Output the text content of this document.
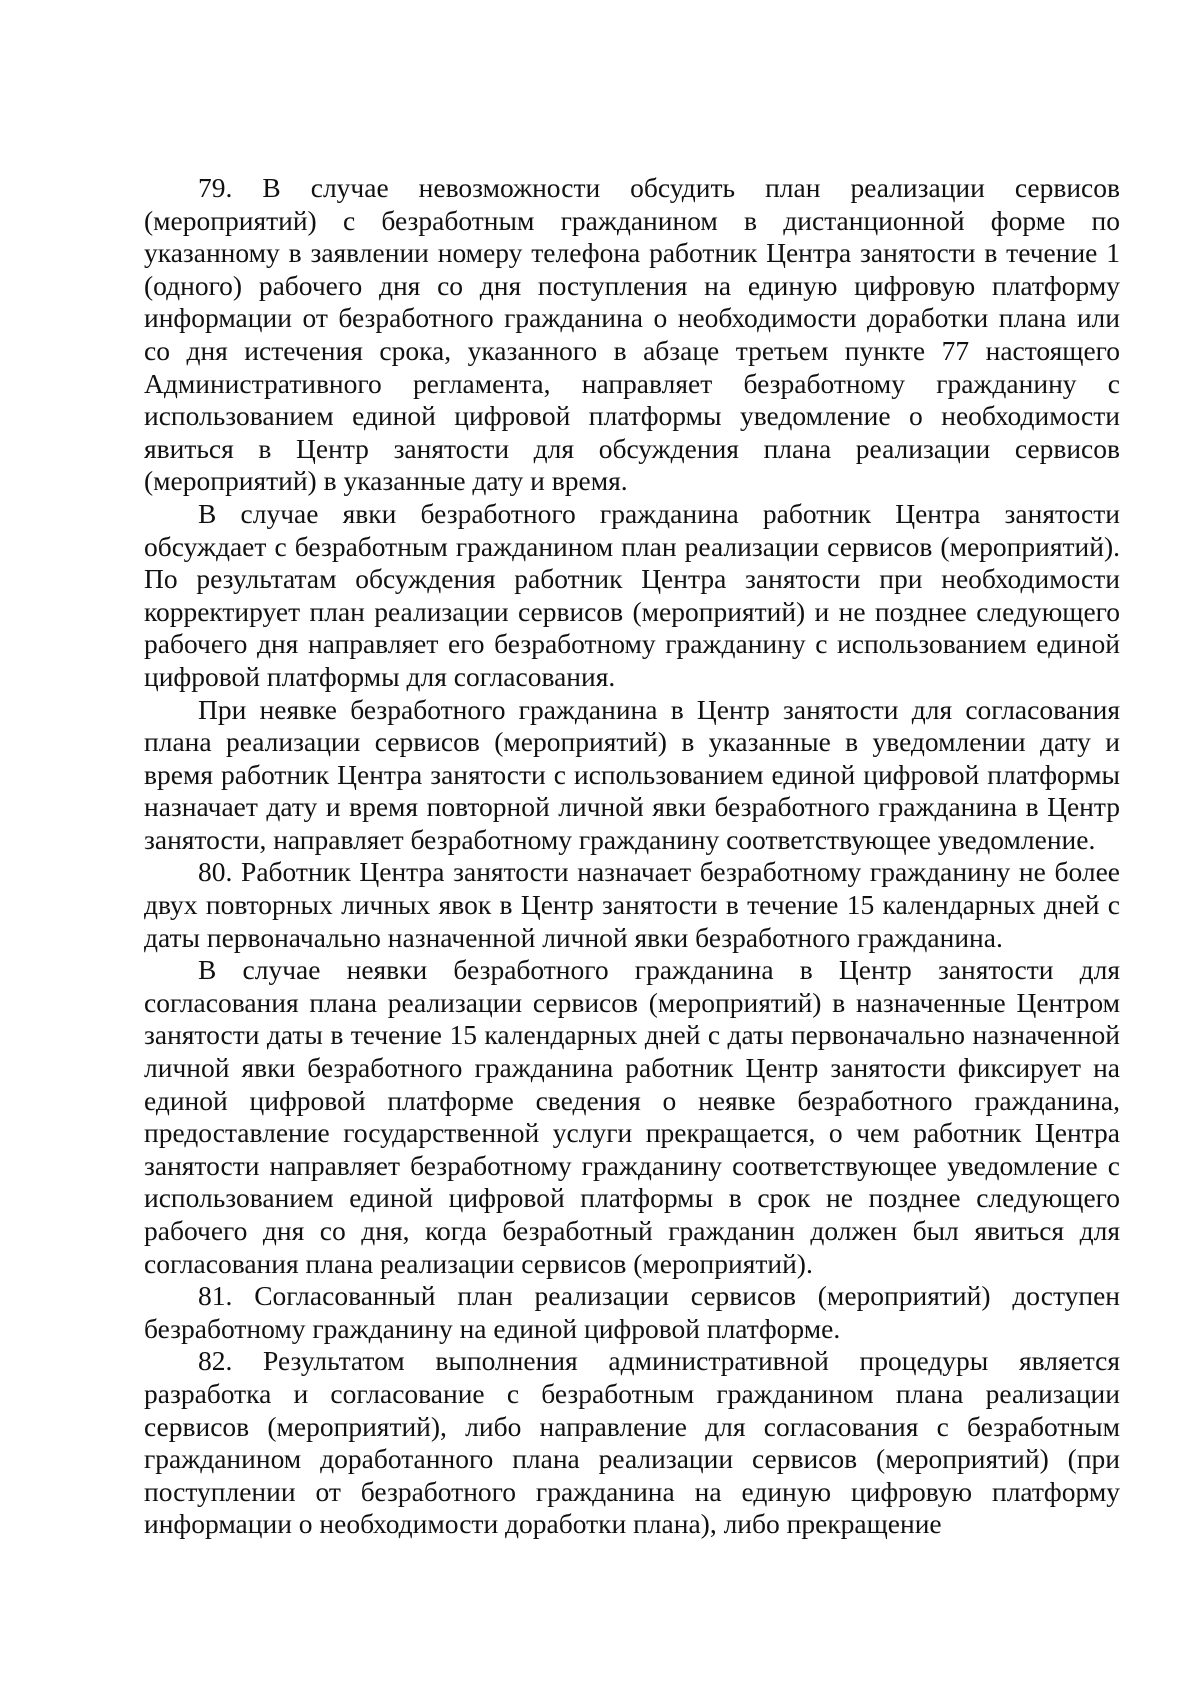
79. В случае невозможности обсудить план реализации сервисов (мероприятий) с безработным гражданином в дистанционной форме по указанному в заявлении номеру телефона работник Центра занятости в течение 1 (одного) рабочего дня со дня поступления на единую цифровую платформу информации от безработного гражданина о необходимости доработки плана или со дня истечения срока, указанного в абзаце третьем пункте 77 настоящего Административного регламента, направляет безработному гражданину с использованием единой цифровой платформы уведомление о необходимости явиться в Центр занятости для обсуждения плана реализации сервисов (мероприятий) в указанные дату и время.

В случае явки безработного гражданина работник Центра занятости обсуждает с безработным гражданином план реализации сервисов (мероприятий). По результатам обсуждения работник Центра занятости при необходимости корректирует план реализации сервисов (мероприятий) и не позднее следующего рабочего дня направляет его безработному гражданину с использованием единой цифровой платформы для согласования.

При неявке безработного гражданина в Центр занятости для согласования плана реализации сервисов (мероприятий) в указанные в уведомлении дату и время работник Центра занятости с использованием единой цифровой платформы назначает дату и время повторной личной явки безработного гражданина в Центр занятости, направляет безработному гражданину соответствующее уведомление.

80. Работник Центра занятости назначает безработному гражданину не более двух повторных личных явок в Центр занятости в течение 15 календарных дней с даты первоначально назначенной личной явки безработного гражданина.

В случае неявки безработного гражданина в Центр занятости для согласования плана реализации сервисов (мероприятий) в назначенные Центром занятости даты в течение 15 календарных дней с даты первоначально назначенной личной явки безработного гражданина работник Центр занятости фиксирует на единой цифровой платформе сведения о неявке безработного гражданина, предоставление государственной услуги прекращается, о чем работник Центра занятости направляет безработному гражданину соответствующее уведомление с использованием единой цифровой платформы в срок не позднее следующего рабочего дня со дня, когда безработный гражданин должен был явиться для согласования плана реализации сервисов (мероприятий).

81. Согласованный план реализации сервисов (мероприятий) доступен безработному гражданину на единой цифровой платформе.

82. Результатом выполнения административной процедуры является разработка и согласование с безработным гражданином плана реализации сервисов (мероприятий), либо направление для согласования с безработным гражданином доработанного плана реализации сервисов (мероприятий) (при поступлении от безработного гражданина на единую цифровую платформу информации о необходимости доработки плана), либо прекращение
